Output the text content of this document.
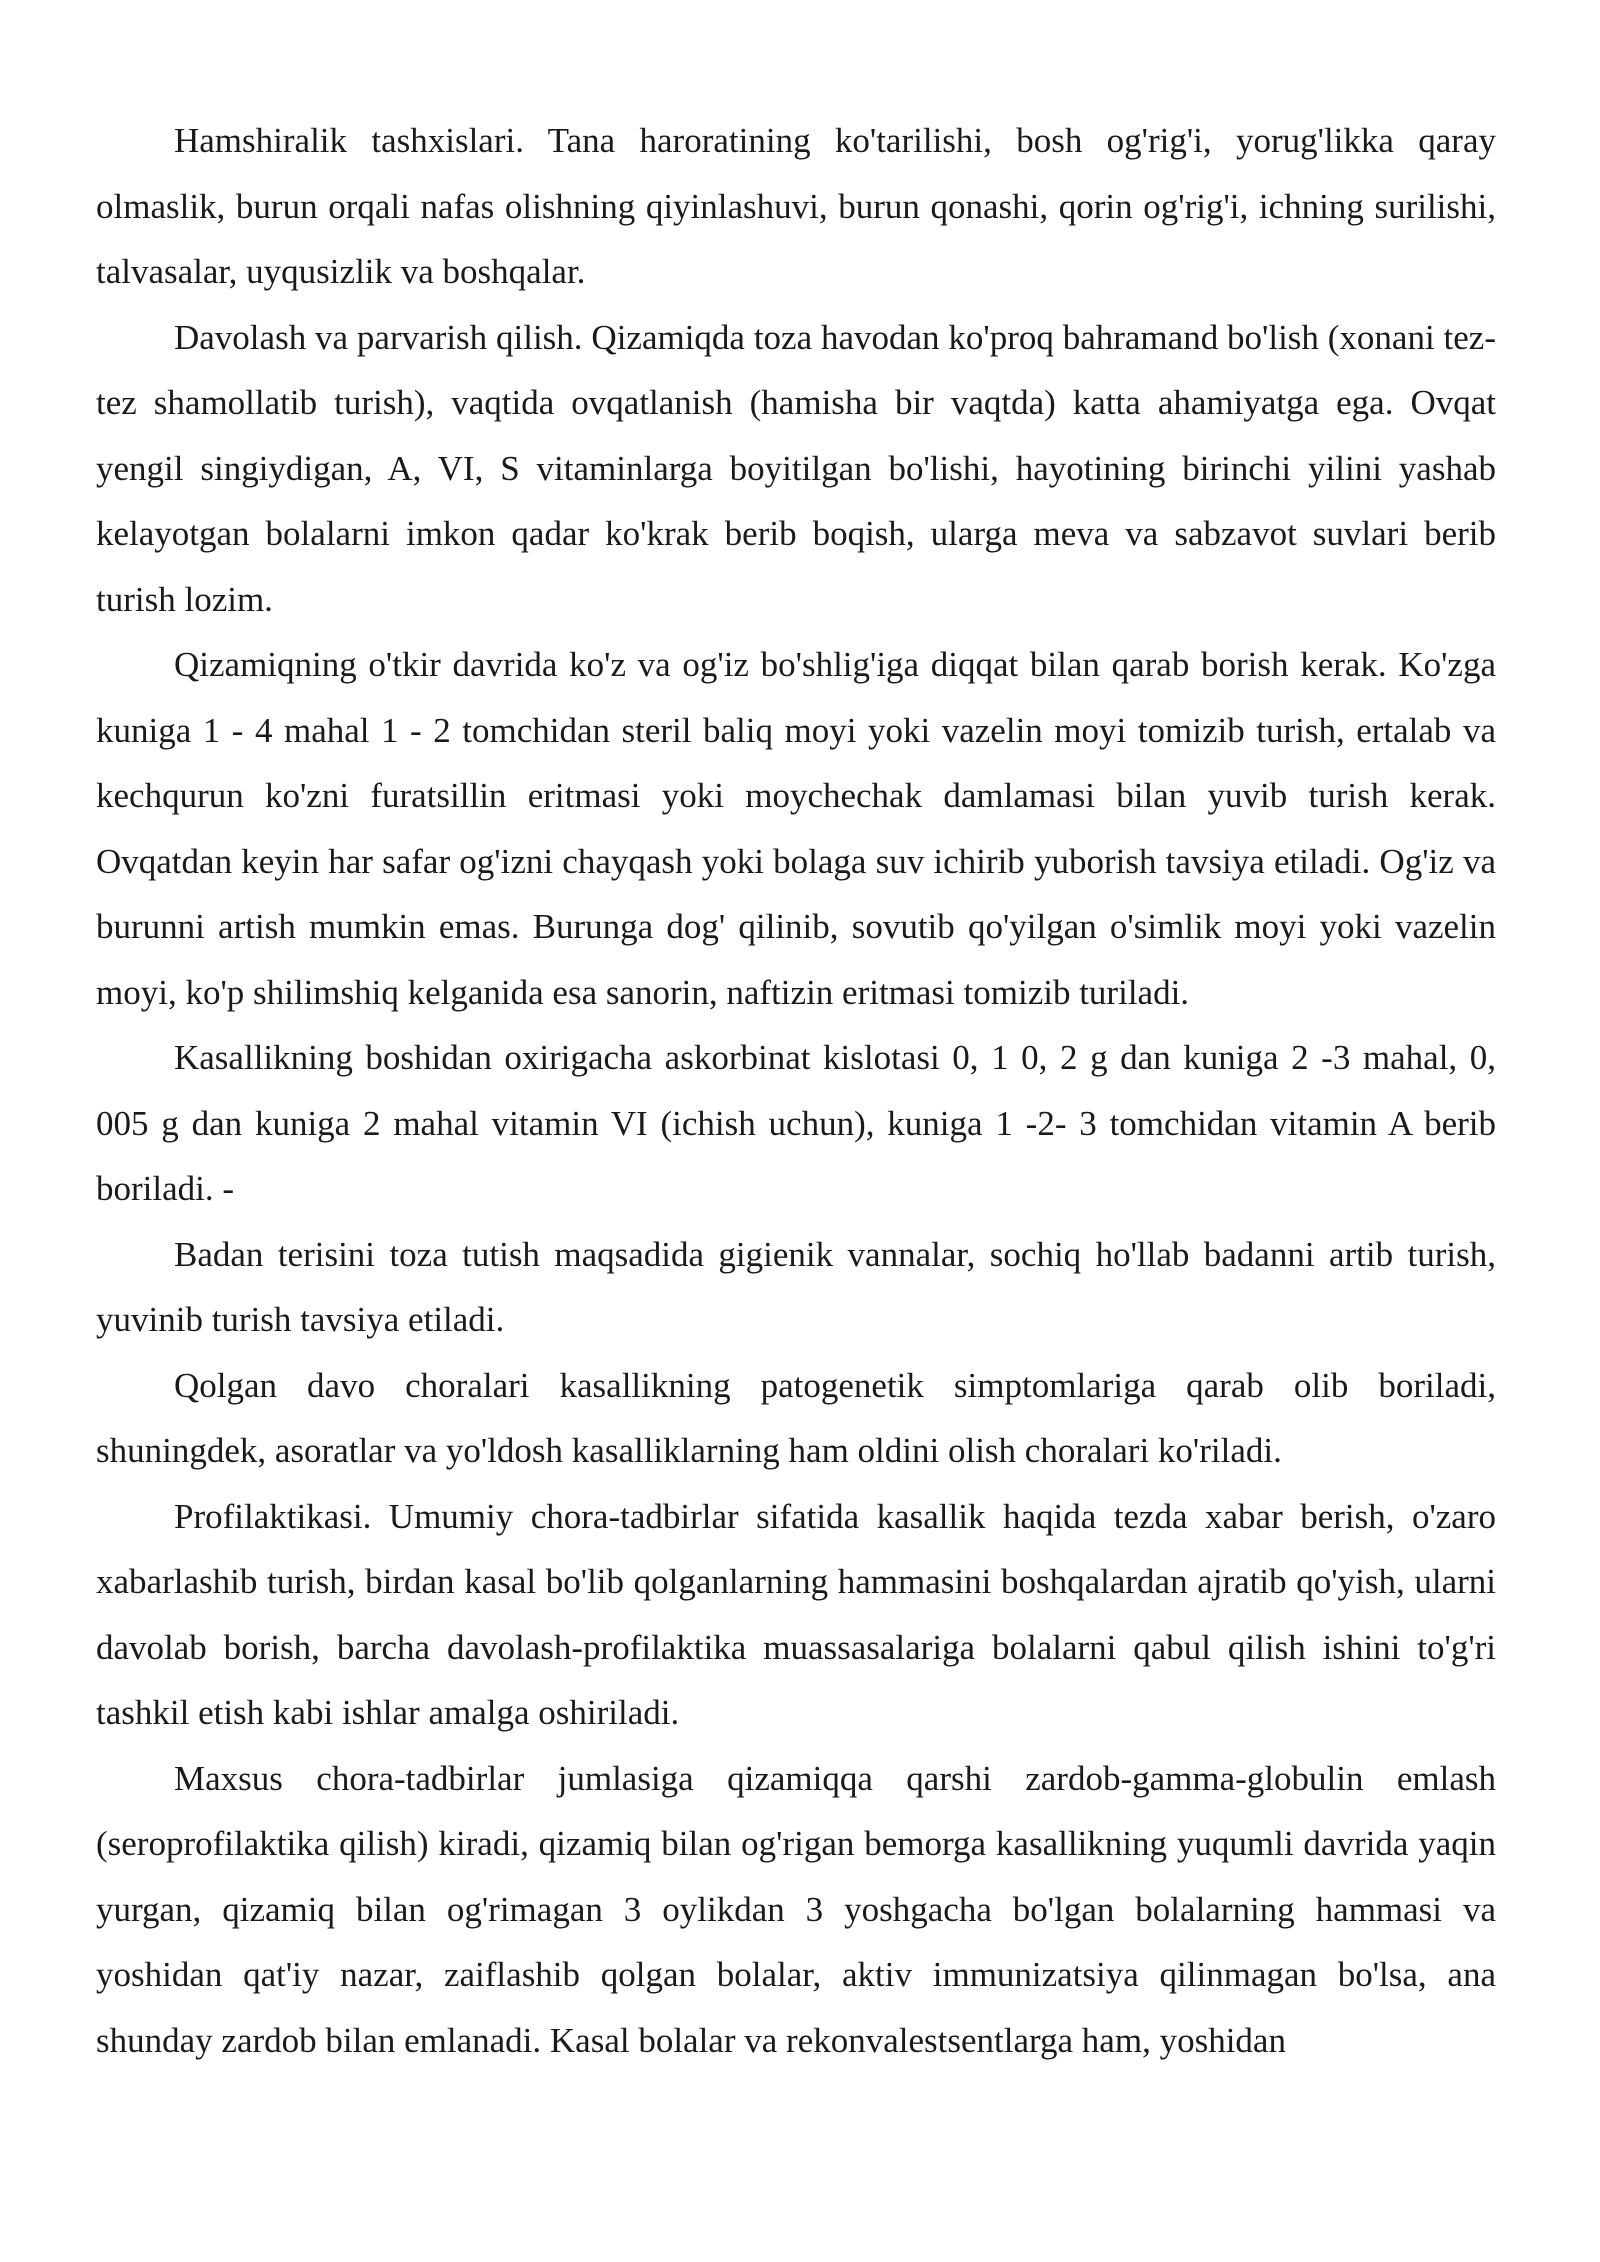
Hamshiralik tashxislari. Tana haroratining ko'tarilishi, bosh og'rig'i, yorug'likka qaray olmaslik, burun orqali nafas olishning qiyinlashuvi, burun qonashi, qorin og'rig'i, ichning surilishi, talvasalar, uyqusizlik va boshqalar.

Davolash va parvarish qilish. Qizamiqda toza havodan ko'proq bahramand bo'lish (xonani tez-tez shamollatib turish), vaqtida ovqatlanish (hamisha bir vaqtda) katta ahamiyatga ega. Ovqat yengil singiydigan, A, VI, S vitaminlarga boyitilgan bo'lishi, hayotining birinchi yilini yashab kelayotgan bolalarni imkon qadar ko'krak berib boqish, ularga meva va sabzavot suvlari berib turish lozim.

Qizamiqning o'tkir davrida ko'z va og'iz bo'shlig'iga diqqat bilan qarab borish kerak. Ko'zga kuniga 1 - 4 mahal 1 - 2 tomchidan steril baliq moyi yoki vazelin moyi tomizib turish, ertalab va kechqurun ko'zni furatsillin eritmasi yoki moychechak damlamasi bilan yuvib turish kerak. Ovqatdan keyin har safar og'izni chayqash yoki bolaga suv ichirib yuborish tavsiya etiladi. Og'iz va burunni artish mumkin emas. Burunga dog' qilinib, sovutib qo'yilgan o'simlik moyi yoki vazelin moyi, ko'p shilimshiq kelganida esa sanorin, naftizin eritmasi tomizib turiladi.

Kasallikning boshidan oxirigacha askorbinat kislotasi 0, 1 0, 2 g dan kuniga 2 -3 mahal, 0, 005 g dan kuniga 2 mahal vitamin VI (ichish uchun), kuniga 1 -2- 3 tomchidan vitamin A berib boriladi. -

Badan terisini toza tutish maqsadida gigienik vannalar, sochiq ho'llab badanni artib turish, yuvinib turish tavsiya etiladi.

Qolgan davo choralari kasallikning patogenetik simptomlariga qarab olib boriladi, shuningdek, asoratlar va yo'ldosh kasalliklarning ham oldini olish choralari ko'riladi.

Profilaktikasi. Umumiy chora-tadbirlar sifatida kasallik haqida tezda xabar berish, o'zaro xabarlashib turish, birdan kasal bo'lib qolganlarning hammasini boshqalardan ajratib qo'yish, ularni davolab borish, barcha davolash-profilaktika muassasalariga bolalarni qabul qilish ishini to'g'ri tashkil etish kabi ishlar amalga oshiriladi.

Maxsus chora-tadbirlar jumlasiga qizamiqqa qarshi zardob-gamma-globulin emlash (seroprofilaktika qilish) kiradi, qizamiq bilan og'rigan bemorga kasallikning yuqumli davrida yaqin yurgan, qizamiq bilan og'rimagan 3 oylikdan 3 yoshgacha bo'lgan bolalarning hammasi va yoshidan qat'iy nazar, zaiflashib qolgan bolalar, aktiv immunizatsiya qilinmagan bo'lsa, ana shunday zardob bilan emlanadi. Kasal bolalar va rekonvalestsentlarga ham, yoshidan
